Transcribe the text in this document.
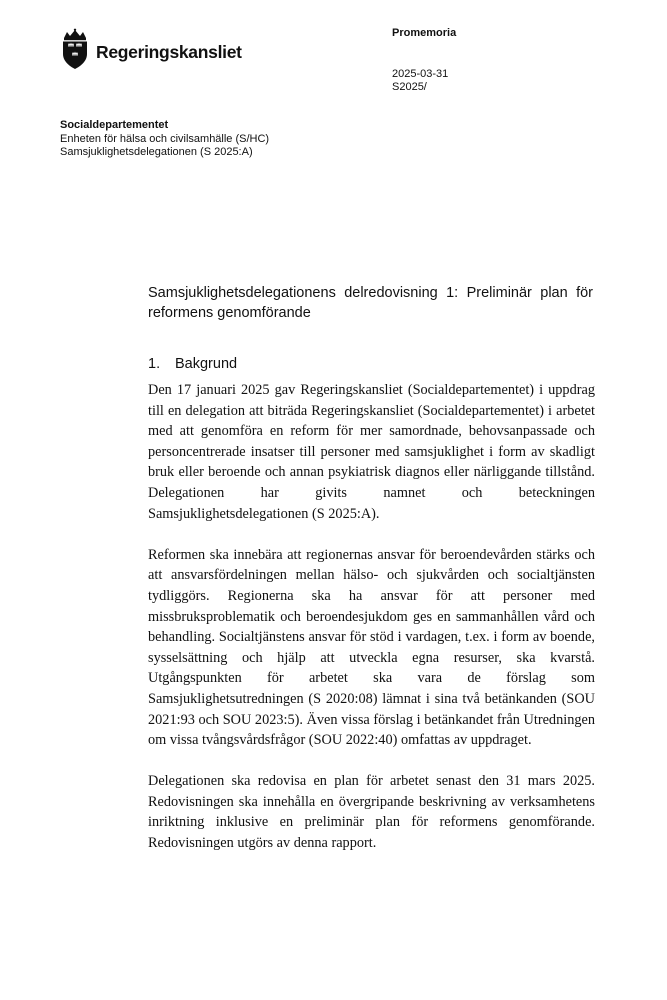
Regeringskansliet
Promemoria
2025-03-31
S2025/
Socialdepartementet
Enheten för hälsa och civilsamhälle (S/HC)
Samsjuklighetsdelegationen (S 2025:A)
Samsjuklighetsdelegationens delredovisning 1: Preliminär plan för reformens genomförande
1.	Bakgrund

Den 17 januari 2025 gav Regeringskansliet (Socialdepartementet) i uppdrag till en delegation att biträda Regeringskansliet (Socialdepartementet) i arbetet med att genomföra en reform för mer samordnade, behovsanpassade och personcentrerade insatser till personer med samsjuklighet i form av skadligt bruk eller beroende och annan psykiatrisk diagnos eller närliggande tillstånd. Delegationen har givits namnet och beteckningen Samsjuklighetsdelegationen (S 2025:A).

Reformen ska innebära att regionernas ansvar för beroendevården stärks och att ansvarsfördelningen mellan hälso- och sjukvården och socialtjänsten tydliggörs. Regionerna ska ha ansvar för att personer med missbruksproblematik och beroendesjukdom ges en sammanhållen vård och behandling. Socialtjänstens ansvar för stöd i vardagen, t.ex. i form av boende, sysselsättning och hjälp att utveckla egna resurser, ska kvarstå. Utgångspunkten för arbetet ska vara de förslag som Samsjuklighetsutredningen (S 2020:08) lämnat i sina två betänkanden (SOU 2021:93 och SOU 2023:5). Även vissa förslag i betänkandet från Utredningen om vissa tvångsvårdsfrågor (SOU 2022:40) omfattas av uppdraget.

Delegationen ska redovisa en plan för arbetet senast den 31 mars 2025. Redovisningen ska innehålla en övergripande beskrivning av verksamhetens inriktning inklusive en preliminär plan för reformens genomförande. Redovisningen utgörs av denna rapport.
